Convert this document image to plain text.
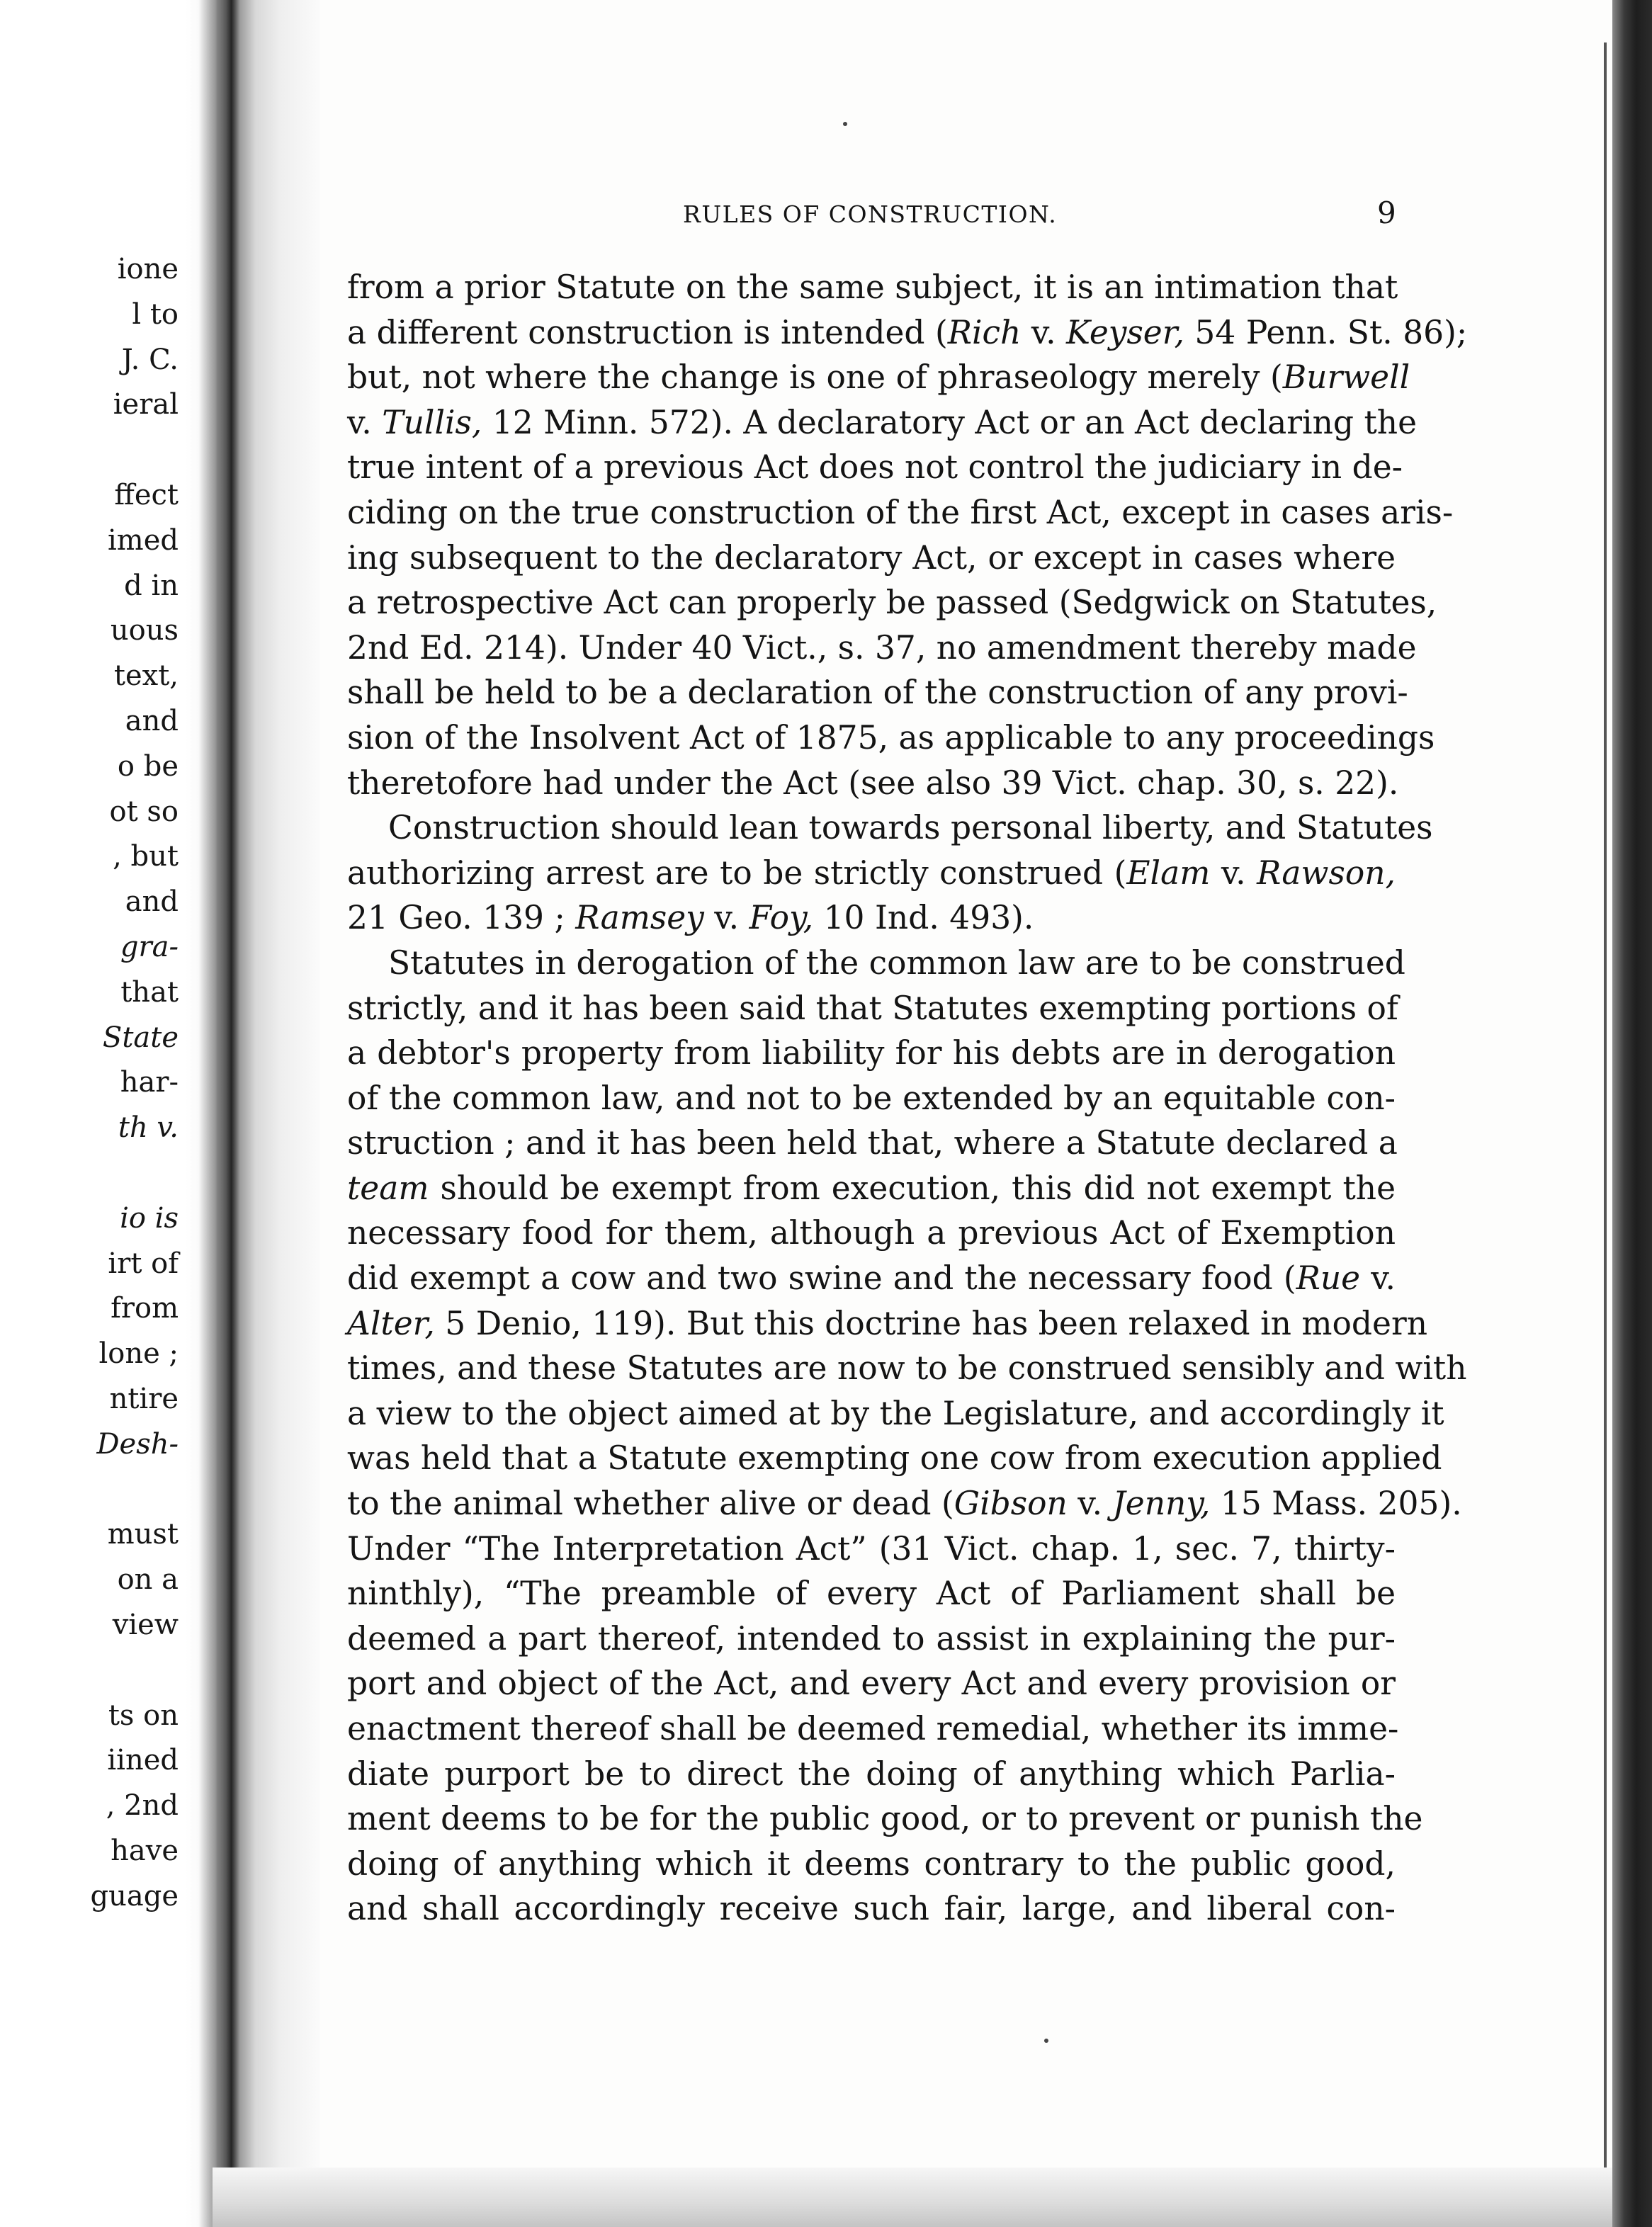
ione
l to
J. C.
ieral
ffect
imed
d in
uous
text,
and
o be
ot so
, but
and
gra-
that
State
har-
th v.
io is
irt of
from
lone ;
ntire
Desh-
must
on a
view
ts on
iined
, 2nd
have
guage
RULES OF CONSTRUCTION.	9
from a prior Statute on the same subject, it is an intimation that
a different construction is intended (Rich v. Keyser, 54 Penn. St. 86);
but, not where the change is one of phraseology merely (Burwell
v. Tullis, 12 Minn. 572). A declaratory Act or an Act declaring the
true intent of a previous Act does not control the judiciary in de-
ciding on the true construction of the first Act, except in cases aris-
ing subsequent to the declaratory Act, or except in cases where
a retrospective Act can properly be passed (Sedgwick on Statutes,
2nd Ed. 214). Under 40 Vict., s. 37, no amendment thereby made
shall be held to be a declaration of the construction of any provi-
sion of the Insolvent Act of 1875, as applicable to any proceedings
theretofore had under the Act (see also 39 Vict. chap. 30, s. 22).
Construction should lean towards personal liberty, and Statutes
authorizing arrest are to be strictly construed (Elam v. Rawson,
21 Geo. 139 ; Ramsey v. Foy, 10 Ind. 493).
Statutes in derogation of the common law are to be construed
strictly, and it has been said that Statutes exempting portions of
a debtor's property from liability for his debts are in derogation
of the common law, and not to be extended by an equitable con-
struction ; and it has been held that, where a Statute declared a
team should be exempt from execution, this did not exempt the
necessary food for them, although a previous Act of Exemption
did exempt a cow and two swine and the necessary food (Rue v.
Alter, 5 Denio, 119). But this doctrine has been relaxed in modern
times, and these Statutes are now to be construed sensibly and with
a view to the object aimed at by the Legislature, and accordingly it
was held that a Statute exempting one cow from execution applied
to the animal whether alive or dead (Gibson v. Jenny, 15 Mass. 205).
Under “The Interpretation Act” (31 Vict. chap. 1, sec. 7, thirty-
ninthly), “The preamble of every Act of Parliament shall be
deemed a part thereof, intended to assist in explaining the pur-
port and object of the Act, and every Act and every provision or
enactment thereof shall be deemed remedial, whether its imme-
diate purport be to direct the doing of anything which Parlia-
ment deems to be for the public good, or to prevent or punish the
doing of anything which it deems contrary to the public good,
and shall accordingly receive such fair, large, and liberal con-
